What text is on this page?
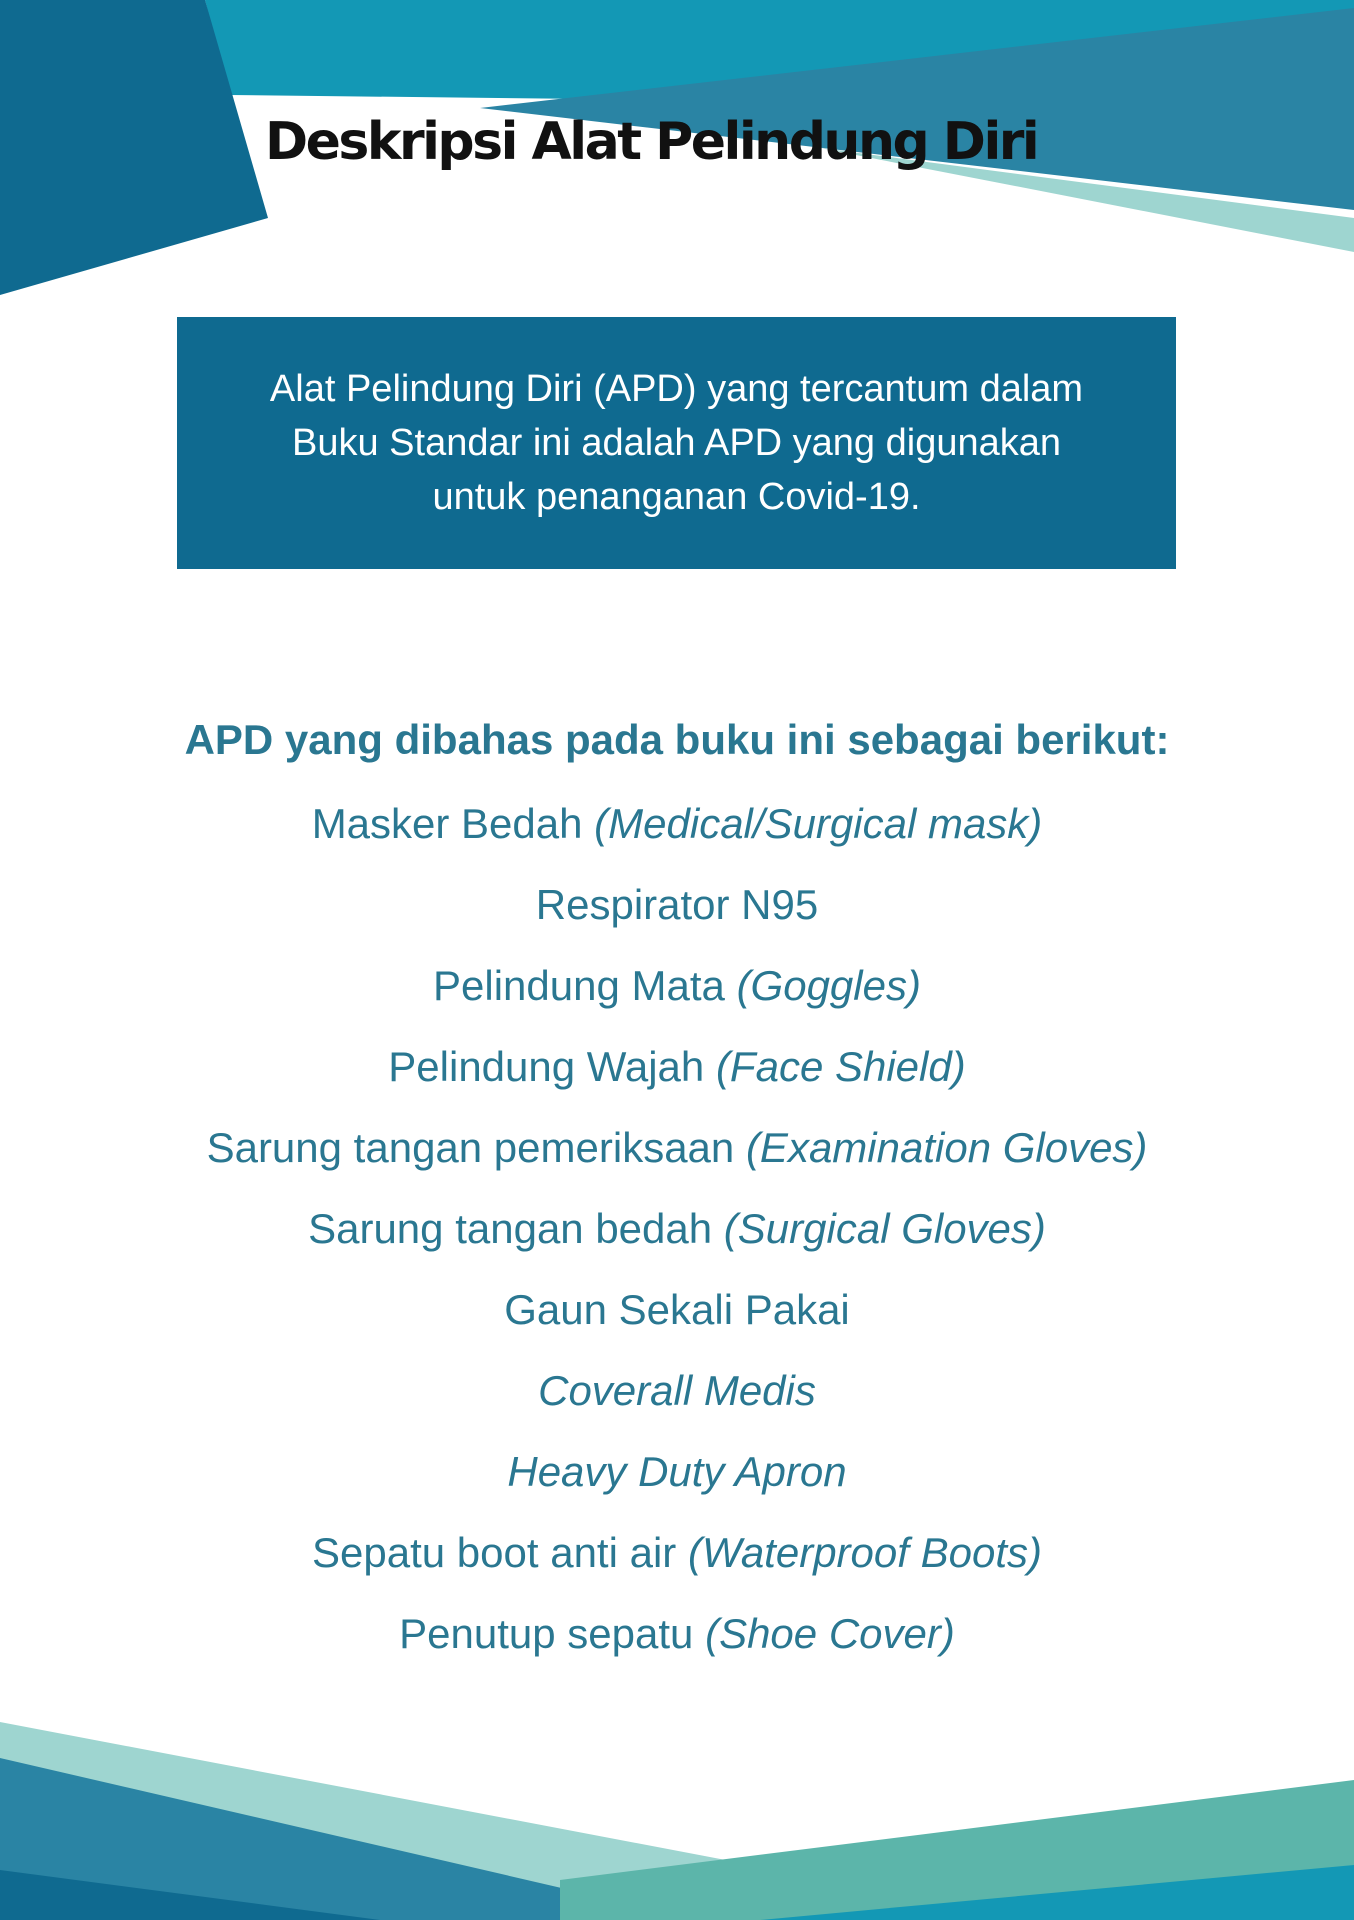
Deskripsi Alat Pelindung Diri

Alat Pelindung Diri (APD) yang tercantum dalam Buku Standar ini adalah APD yang digunakan untuk penanganan Covid-19.

APD yang dibahas pada buku ini sebagai berikut:
Masker Bedah (Medical/Surgical mask)
Respirator N95
Pelindung Mata (Goggles)
Pelindung Wajah (Face Shield)
Sarung tangan pemeriksaan (Examination Gloves)
Sarung tangan bedah (Surgical Gloves)
Gaun Sekali Pakai
Coverall Medis
Heavy Duty Apron
Sepatu boot anti air (Waterproof Boots)
Penutup sepatu (Shoe Cover)
